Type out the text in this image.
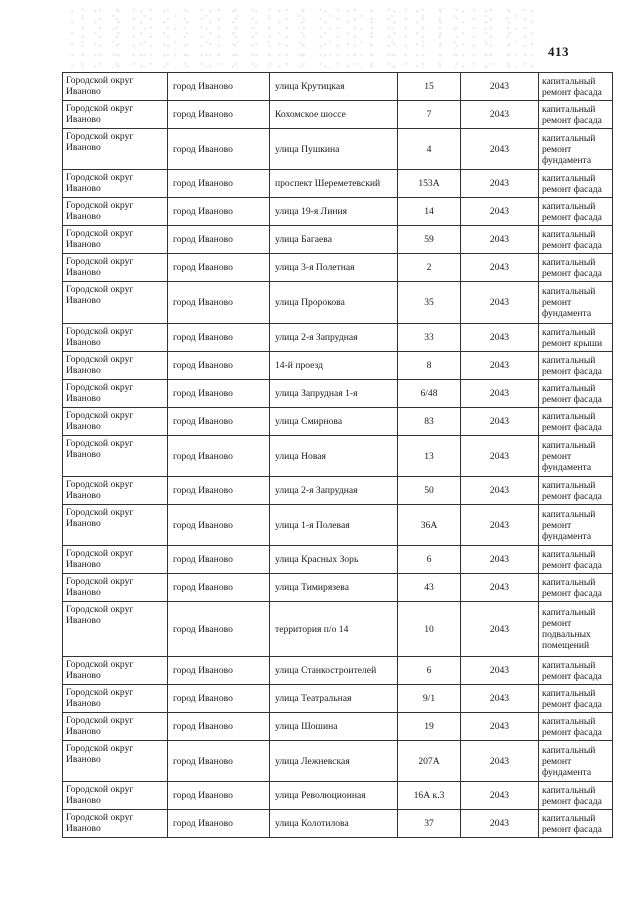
413
Городской округ Иваново	город Иваново	улица Крутицкая	15	2043	капитальный ремонт фасада
Городской округ Иваново	город Иваново	Кохомское шоссе	7	2043	капитальный ремонт фасада
Городской округ Иваново	город Иваново	улица Пушкина	4	2043	капитальный ремонт фундамента
Городской округ Иваново	город Иваново	проспект Шереметевский	153А	2043	капитальный ремонт фасада
Городской округ Иваново	город Иваново	улица 19-я Линия	14	2043	капитальный ремонт фасада
Городской округ Иваново	город Иваново	улица Багаева	59	2043	капитальный ремонт фасада
Городской округ Иваново	город Иваново	улица 3-я Полетная	2	2043	капитальный ремонт фасада
Городской округ Иваново	город Иваново	улица Пророкова	35	2043	капитальный ремонт фундамента
Городской округ Иваново	город Иваново	улица 2-я Запрудная	33	2043	капитальный ремонт крыши
Городской округ Иваново	город Иваново	14-й проезд	8	2043	капитальный ремонт фасада
Городской округ Иваново	город Иваново	улица Запрудная 1-я	6/48	2043	капитальный ремонт фасада
Городской округ Иваново	город Иваново	улица Смирнова	83	2043	капитальный ремонт фасада
Городской округ Иваново	город Иваново	улица Новая	13	2043	капитальный ремонт фундамента
Городской округ Иваново	город Иваново	улица 2-я Запрудная	50	2043	капитальный ремонт фасада
Городской округ Иваново	город Иваново	улица 1-я Полевая	36А	2043	капитальный ремонт фундамента
Городской округ Иваново	город Иваново	улица Красных Зорь	6	2043	капитальный ремонт фасада
Городской округ Иваново	город Иваново	улица Тимирязева	43	2043	капитальный ремонт фасада
Городской округ Иваново	город Иваново	территория п/о 14	10	2043	капитальный ремонт подвальных помещений
Городской округ Иваново	город Иваново	улица Станкостроителей	6	2043	капитальный ремонт фасада
Городской округ Иваново	город Иваново	улица Театральная	9/1	2043	капитальный ремонт фасада
Городской округ Иваново	город Иваново	улица Шошина	19	2043	капитальный ремонт фасада
Городской округ Иваново	город Иваново	улица Лежневская	207А	2043	капитальный ремонт фундамента
Городской округ Иваново	город Иваново	улица Революционная	16А к.3	2043	капитальный ремонт фасада
Городской округ Иваново	город Иваново	улица Колотилова	37	2043	капитальный ремонт фасада
